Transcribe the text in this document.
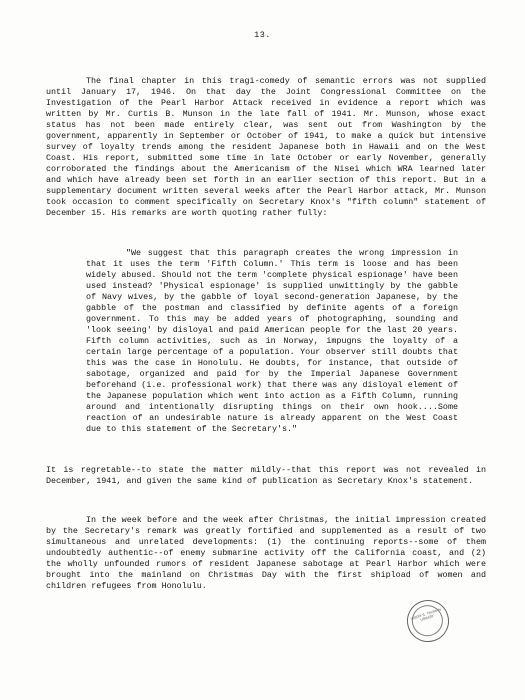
13.

The final chapter in this tragi-comedy of semantic errors was not supplied until January 17, 1946. On that day the Joint Congressional Committee on the Investigation of the Pearl Harbor Attack received in evidence a report which was written by Mr. Curtis B. Munson in the late fall of 1941. Mr. Munson, whose exact status has not been made entirely clear, was sent out from Washington by the government, apparently in September or October of 1941, to make a quick but intensive survey of loyalty trends among the resident Japanese both in Hawaii and on the West Coast. His report, submitted some time in late October or early November, generally corroborated the findings about the Americanism of the Nisei which WRA learned later and which have already been set forth in an earlier section of this report. But in a supplementary document written several weeks after the Pearl Harbor attack, Mr. Munson took occasion to comment specifically on Secretary Knox's "fifth column" statement of December 15. His remarks are worth quoting rather fully:

"We suggest that this paragraph creates the wrong impression in that it uses the term 'Fifth Column.' This term is loose and has been widely abused. Should not the term 'complete physical espionage' have been used instead? 'Physical espionage' is supplied unwittingly by the gabble of Navy wives, by the gabble of loyal second-generation Japanese, by the gabble of the postman and classified by definite agents of a foreign government. To this may be added years of photographing, sounding and 'look seeing' by disloyal and paid American people for the last 20 years. Fifth column activities, such as in Norway, impugns the loyalty of a certain large percentage of a population. Your observer still doubts that this was the case in Honolulu. He doubts, for instance, that outside of sabotage, organized and paid for by the Imperial Japanese Government beforehand (i.e. professional work) that there was any disloyal element of the Japanese population which went into action as a Fifth Column, running around and intentionally disrupting things on their own hook....Some reaction of an undesirable nature is already apparent on the West Coast due to this statement of the Secretary's."

It is regretable--to state the matter mildly--that this report was not revealed in December, 1941, and given the same kind of publication as Secretary Knox's statement.

In the week before and the week after Christmas, the initial impression created by the Secretary's remark was greatly fortified and supplemented as a result of two simultaneous and unrelated developments: (1) the continuing reports--some of them undoubtedly authentic--of enemy submarine activity off the California coast, and (2) the wholly unfounded rumors of resident Japanese sabotage at Pearl Harbor which were brought into the mainland on Christmas Day with the first shipload of women and children refugees from Honolulu.

HARRY S. TRUMAN LIBRARY
